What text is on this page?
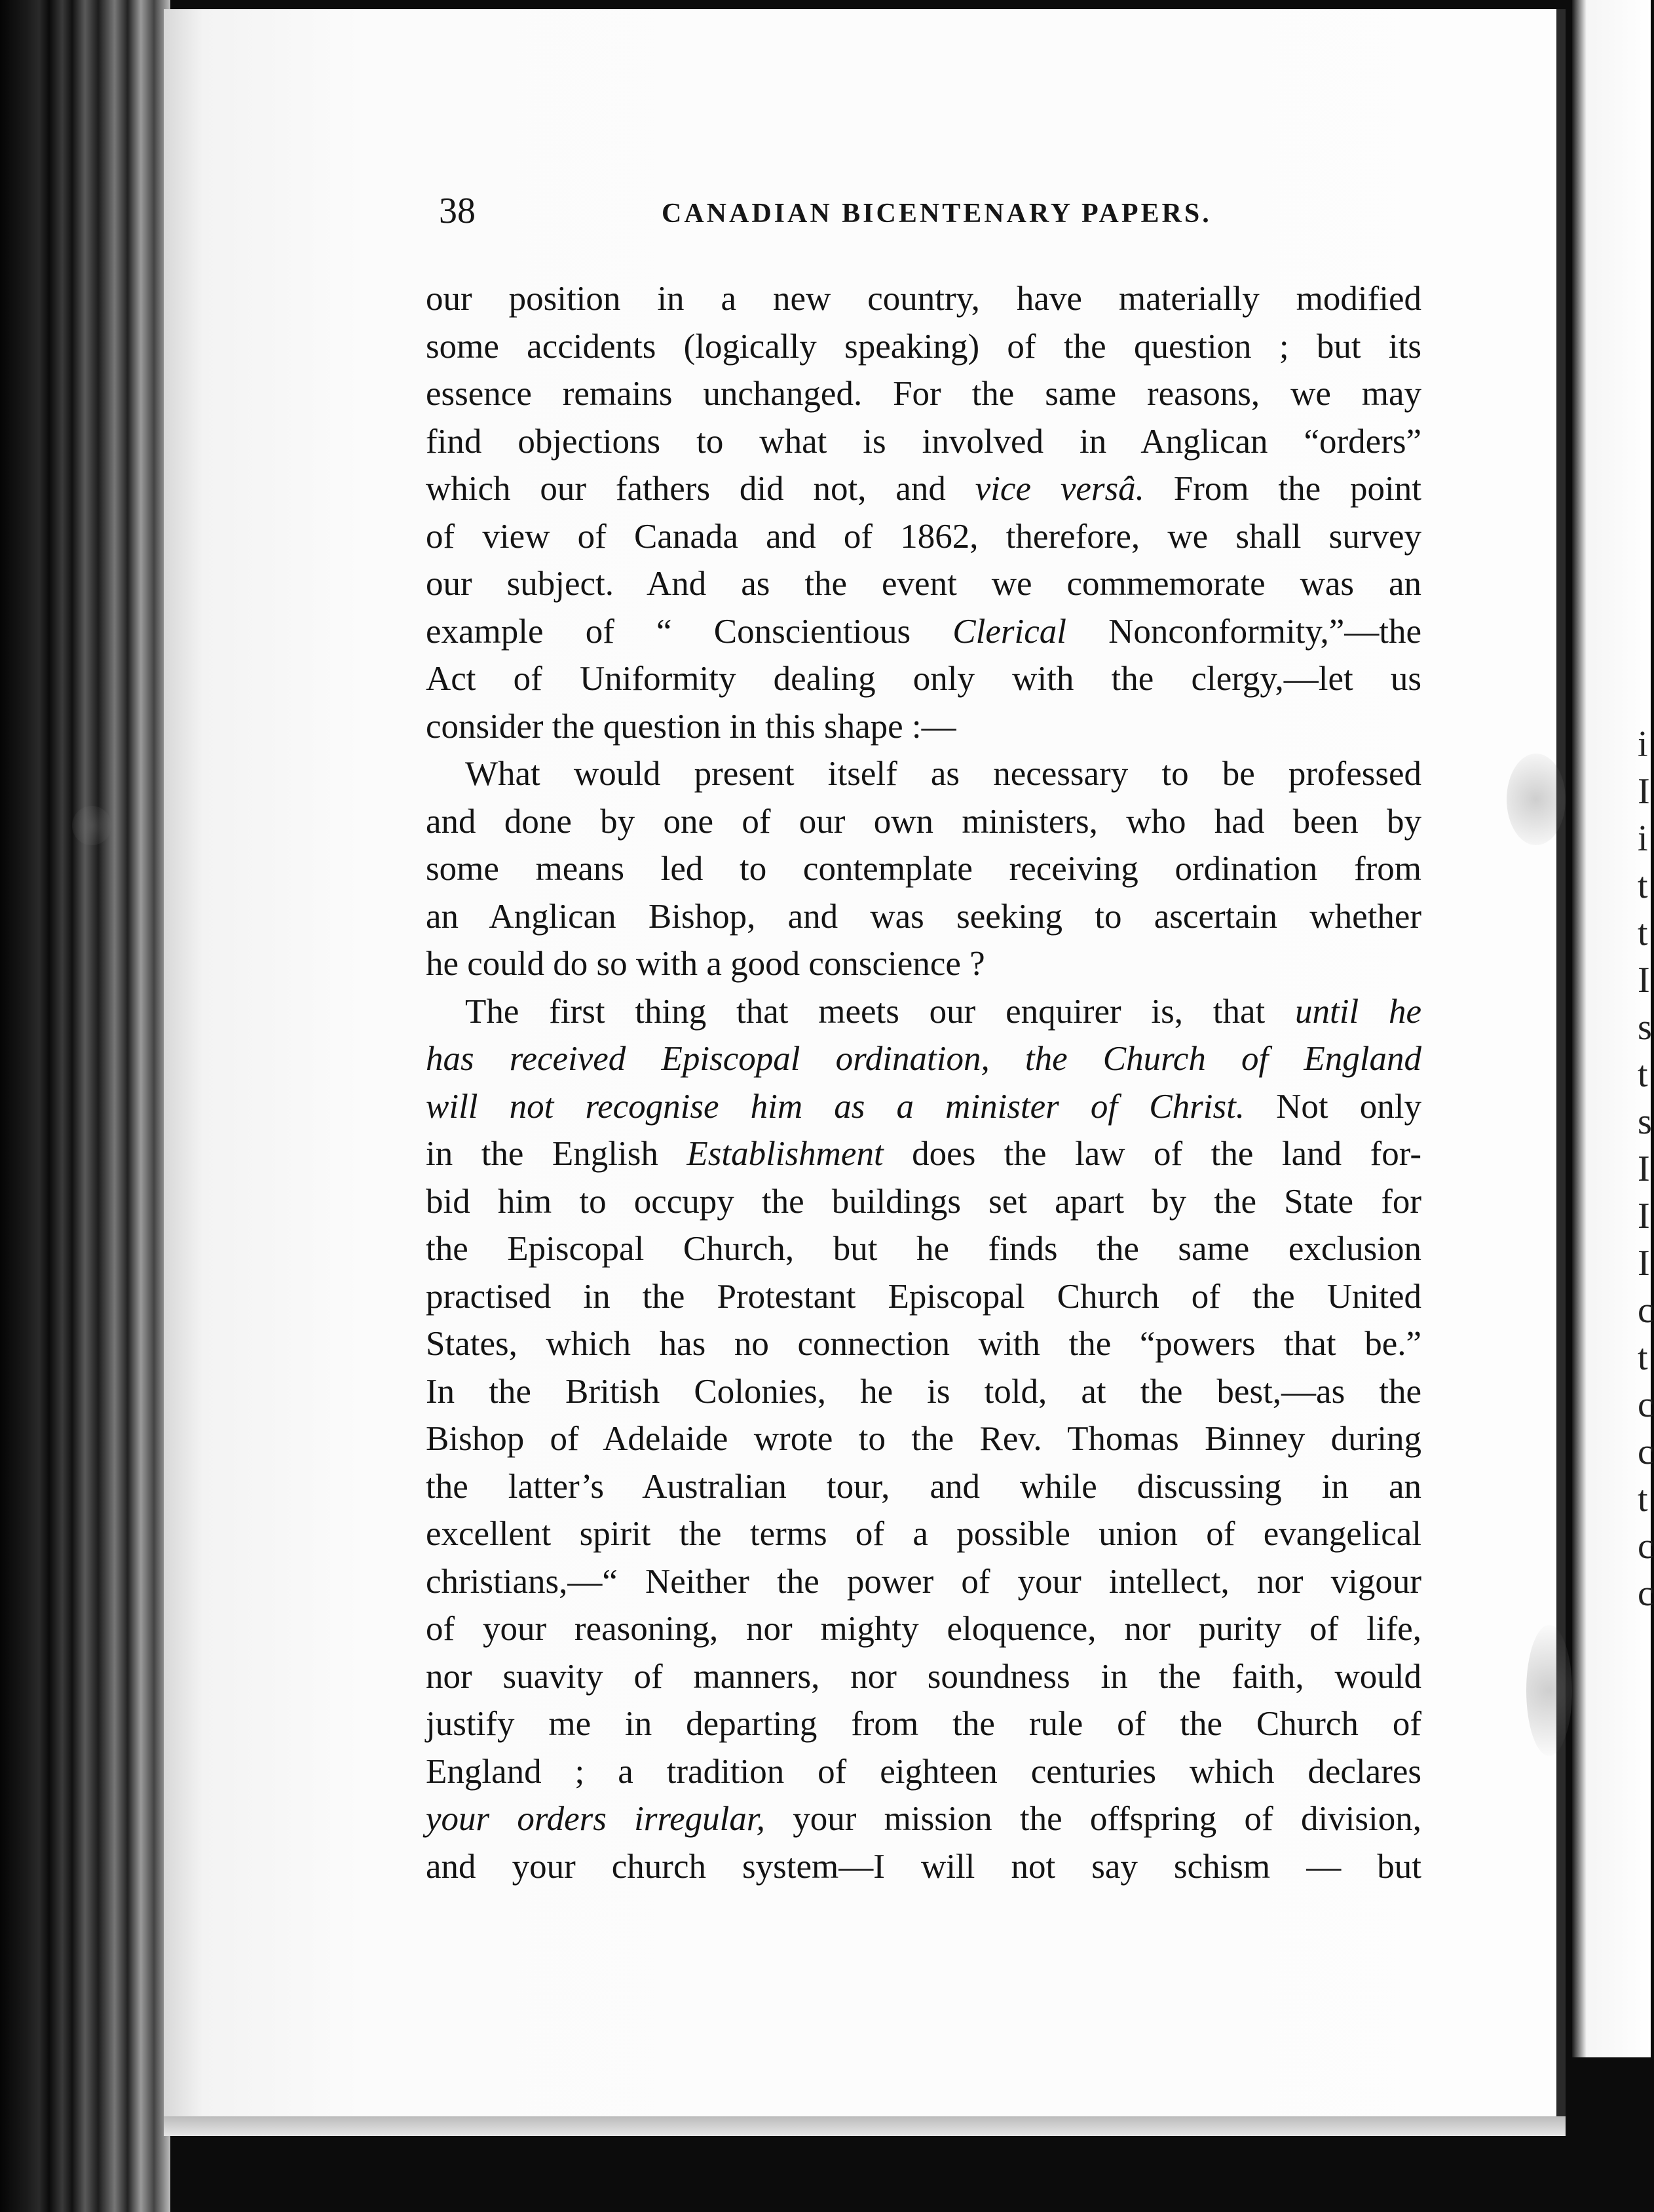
38	CANADIAN BICENTENARY PAPERS.

our position in a new country, have materially modified
some accidents (logically speaking) of the question ; but its
essence remains unchanged. For the same reasons, we may
find objections to what is involved in Anglican “orders”
which our fathers did not, and vice versâ. From the point
of view of Canada and of 1862, therefore, we shall survey
our subject. And as the event we commemorate was an
example of “ Conscientious Clerical Nonconformity,”—the
Act of Uniformity dealing only with the clergy,—let us
consider the question in this shape :—

What would present itself as necessary to be professed
and done by one of our own ministers, who had been by
some means led to contemplate receiving ordination from
an Anglican Bishop, and was seeking to ascertain whether
he could do so with a good conscience ?

The first thing that meets our enquirer is, that until he
has received Episcopal ordination, the Church of England
will not recognise him as a minister of Christ. Not only
in the English Establishment does the law of the land for-
bid him to occupy the buildings set apart by the State for
the Episcopal Church, but he finds the same exclusion
practised in the Protestant Episcopal Church of the United
States, which has no connection with the “powers that be.”
In the British Colonies, he is told, at the best,—as the
Bishop of Adelaide wrote to the Rev. Thomas Binney during
the latter’s Australian tour, and while discussing in an
excellent spirit the terms of a possible union of evangelical
christians,—“ Neither the power of your intellect, nor vigour
of your reasoning, nor mighty eloquence, nor purity of life,
nor suavity of manners, nor soundness in the faith, would
justify me in departing from the rule of the Church of
England ; a tradition of eighteen centuries which declares
your orders irregular, your mission the offspring of division,
and your church system—I will not say schism — but

i
I
i
t
t
I
s
t
s
I
I
I
c
t
c
c
t
c
c
